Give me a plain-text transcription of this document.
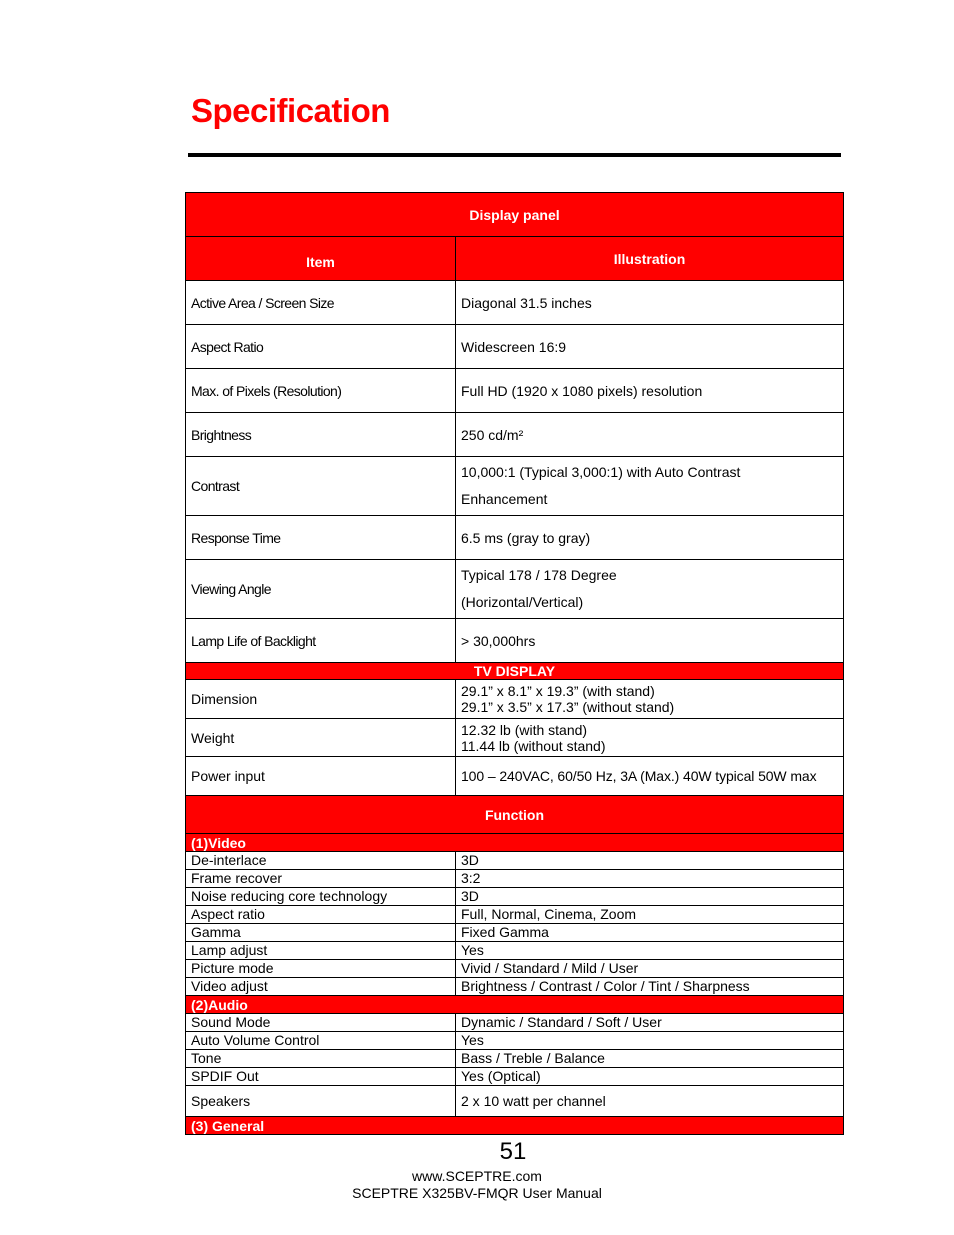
Specification
Display panel	
Item	Illustration
Active Area / Screen Size	Diagonal 31.5 inches
Aspect Ratio	Widescreen 16:9
Max. of Pixels (Resolution)	Full HD (1920 x 1080 pixels) resolution
Brightness	250 cd/m²
Contrast	10,000:1 (Typical 3,000:1) with Auto Contrast
Enhancement

Response Time	6.5 ms (gray to gray)
Viewing Angle	Typical 178 / 178 Degree
(Horizontal/Vertical)

Lamp Life of Backlight	> 30,000hrs
TV DISPLAY	
Dimension	29.1” x 8.1” x 19.3” (with stand)
29.1” x 3.5” x 17.3” (without stand)

Weight	12.32 lb (with stand)
11.44 lb (without stand)

Power input	100 – 240VAC, 60/50 Hz, 3A (Max.) 40W typical 50W max
Function	
(1)Video	
De-interlace	3D
Frame recover	3:2
Noise reducing core technology	3D
Aspect ratio	Full, Normal, Cinema, Zoom
Gamma	Fixed Gamma
Lamp adjust	Yes
Picture mode	Vivid / Standard / Mild / User
Video adjust	Brightness / Contrast / Color / Tint / Sharpness
(2)Audio	
Sound Mode	Dynamic / Standard / Soft / User
Auto Volume Control	Yes
Tone	Bass / Treble / Balance
SPDIF Out	Yes (Optical)
Speakers	2 x 10 watt per channel
(3) General	
51
www.SCEPTRE.com
SCEPTRE X325BV-FMQR User Manual
